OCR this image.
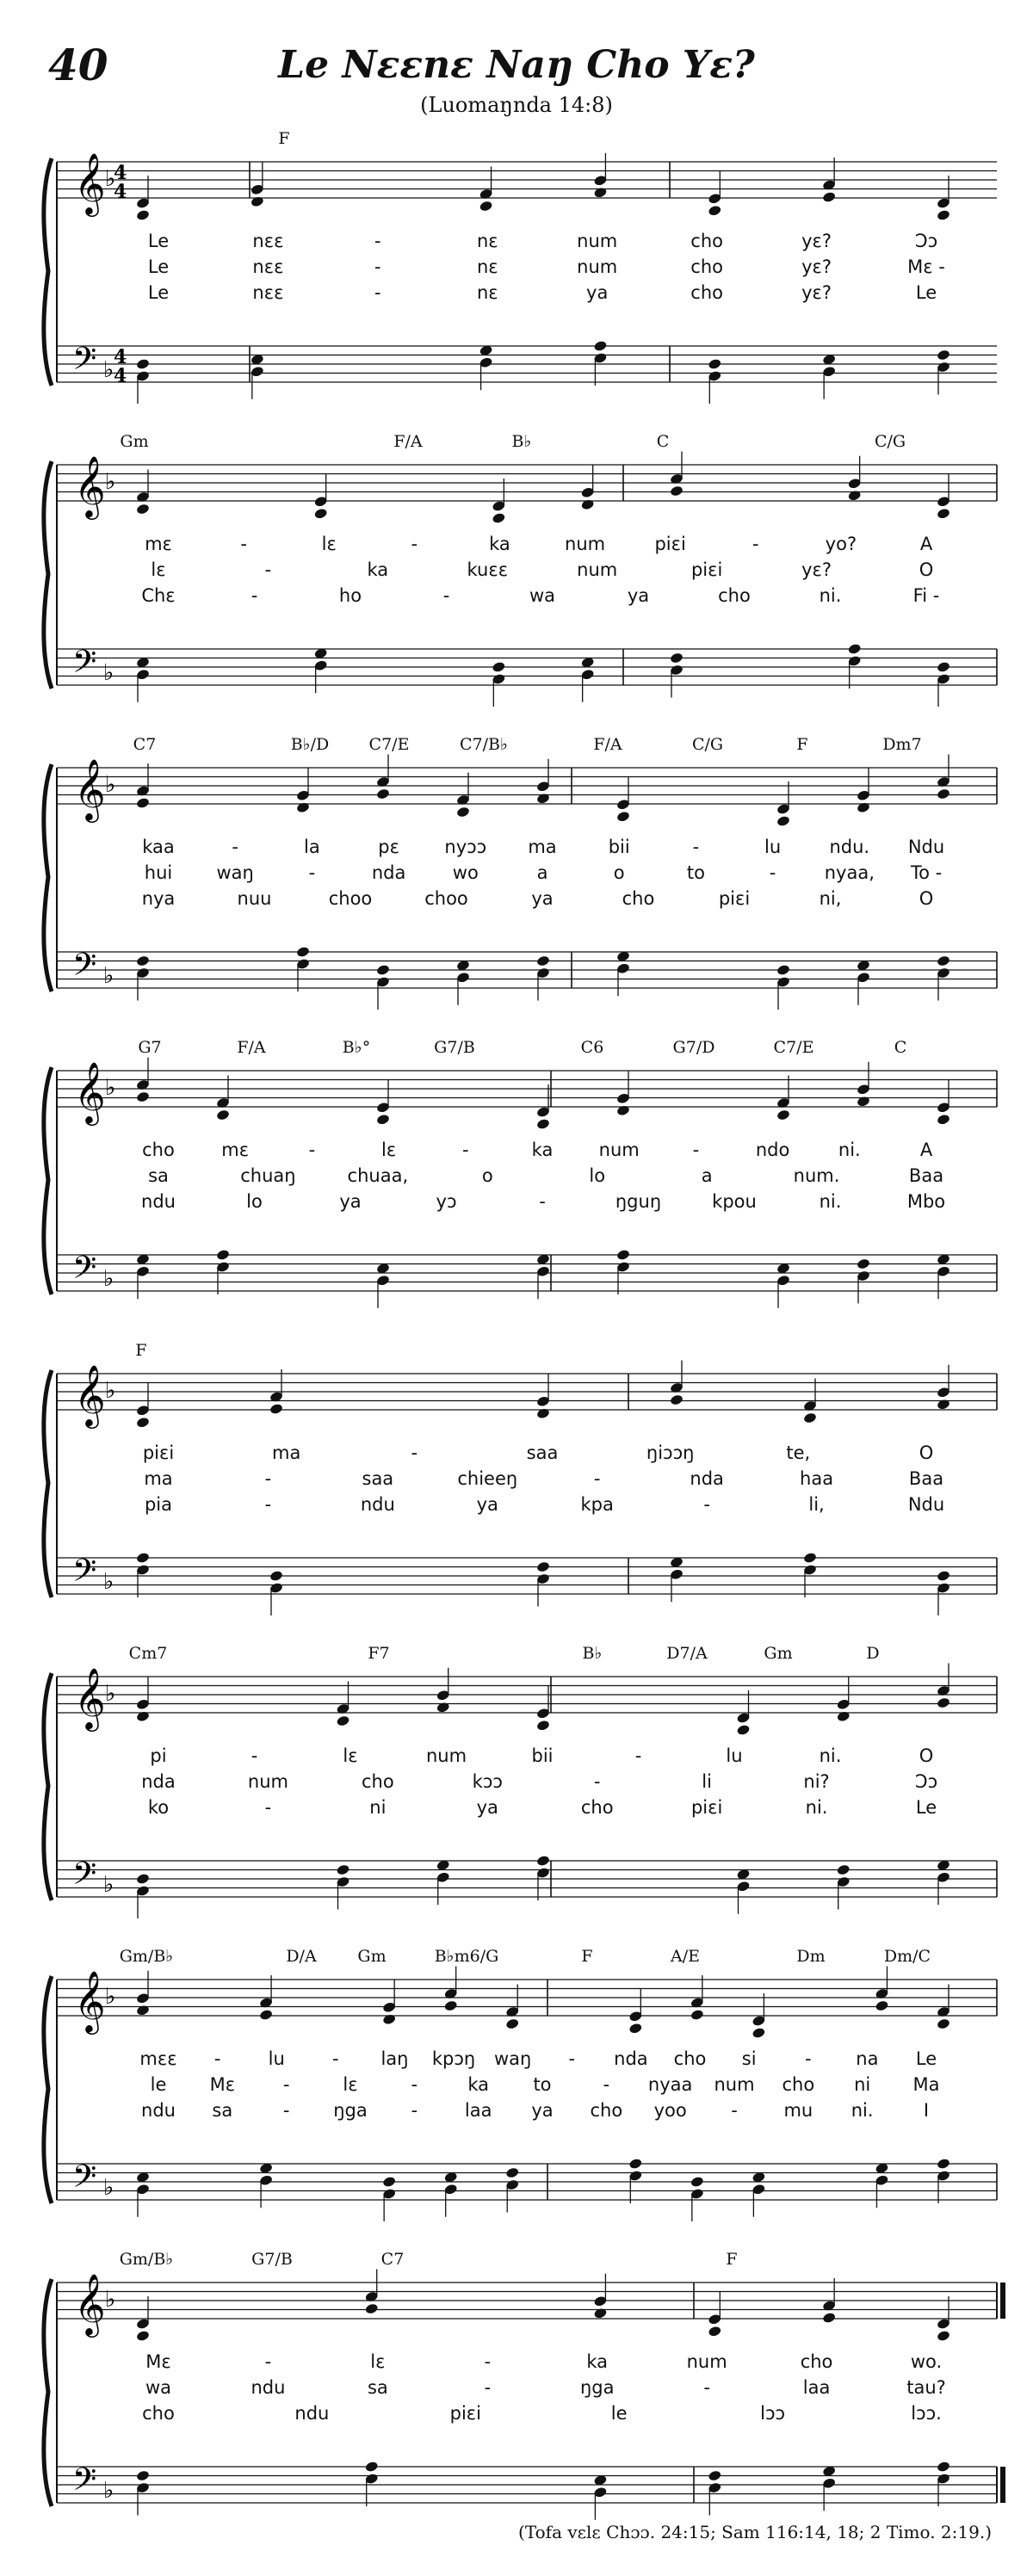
40	Le Nεεnε Naŋ Cho Yε?
(Luomaŋnda 14:8)
𝄞
𝄢
♭
♭
4
4
4
4
F
Le	nεε	-	nε	num	cho	yε?	Ɔɔ
Le	nεε	-	nε	num	cho	yε?	Mε -
Le	nεε	-	nε	ya	cho	yε?	Le
𝄞
𝄢
♭
♭
Gm	F/A	B♭	C	C/G
mε	-	lε	-	ka	num	piεi	-	yo?	A
lε	-	ka	kuεε	num	piεi	yε?	O
Chε	-	ho	-	wa	ya	cho	ni.	Fi -
𝄞
𝄢
♭
♭
C7	B♭/D C7/E	C7/B♭	F/A	C/G	F	Dm7
kaa	-	la	pε nyɔɔ ma	bii	-	lu	ndu. Ndu
hui waŋ	-	nda	wo	a	o	to	-	nyaa, To -
nya	nuu	choo	choo	ya	cho	piεi	ni,	O
𝄞
𝄢
♭
♭
G7	F/A	B♭°	G7/B	C6	G7/D	C7/E	C
cho	mε	-	lε	-	ka	num	-	ndo	ni.	A
sa	chuaŋ	chuaa,	o	lo	a	num.	Baa
ndu	lo	ya	yɔ	-	ŋguŋ	kpou	ni.	Mbo
𝄞
𝄢
♭
♭
F
piεi	ma	-	saa	ŋiɔɔŋ	te,	O
ma	-	saa	chieeŋ	-	nda	haa	Baa
pia	-	ndu	ya	kpa	-	li,	Ndu
𝄞
𝄢
♭
♭
Cm7	F7	B♭	D7/A	Gm	D
pi	-	lε	num	bii	-	lu	ni.	O
nda	num	cho	kɔɔ	-	li	ni?	Ɔɔ
ko	-	ni	ya	cho	piεi	ni.	Le
𝄞
𝄢
♭
♭
Gm/B♭	D/A	Gm	B♭m6/G	F	A/E	Dm	Dm/C
mεε -	lu	- laŋ kpɔŋ waŋ - nda cho si	- na Le
le Mε	-	lε	-	ka to	- nyaa num cho ni Ma
ndu sa	- ŋga -	laa ya cho yoo -	mu ni.	I
𝄞
𝄢
♭
♭
Gm/B♭	G7/B	C7	F
Mε	-	lε	-	ka	num	cho	wo.
wa	ndu	sa	-	ŋga	-	laa	tau?
cho	ndu	piεi	le	lɔɔ	lɔɔ.
(Tofa vεlε Chɔɔ. 24:15; Sam 116:14, 18; 2 Timo. 2:19.)
